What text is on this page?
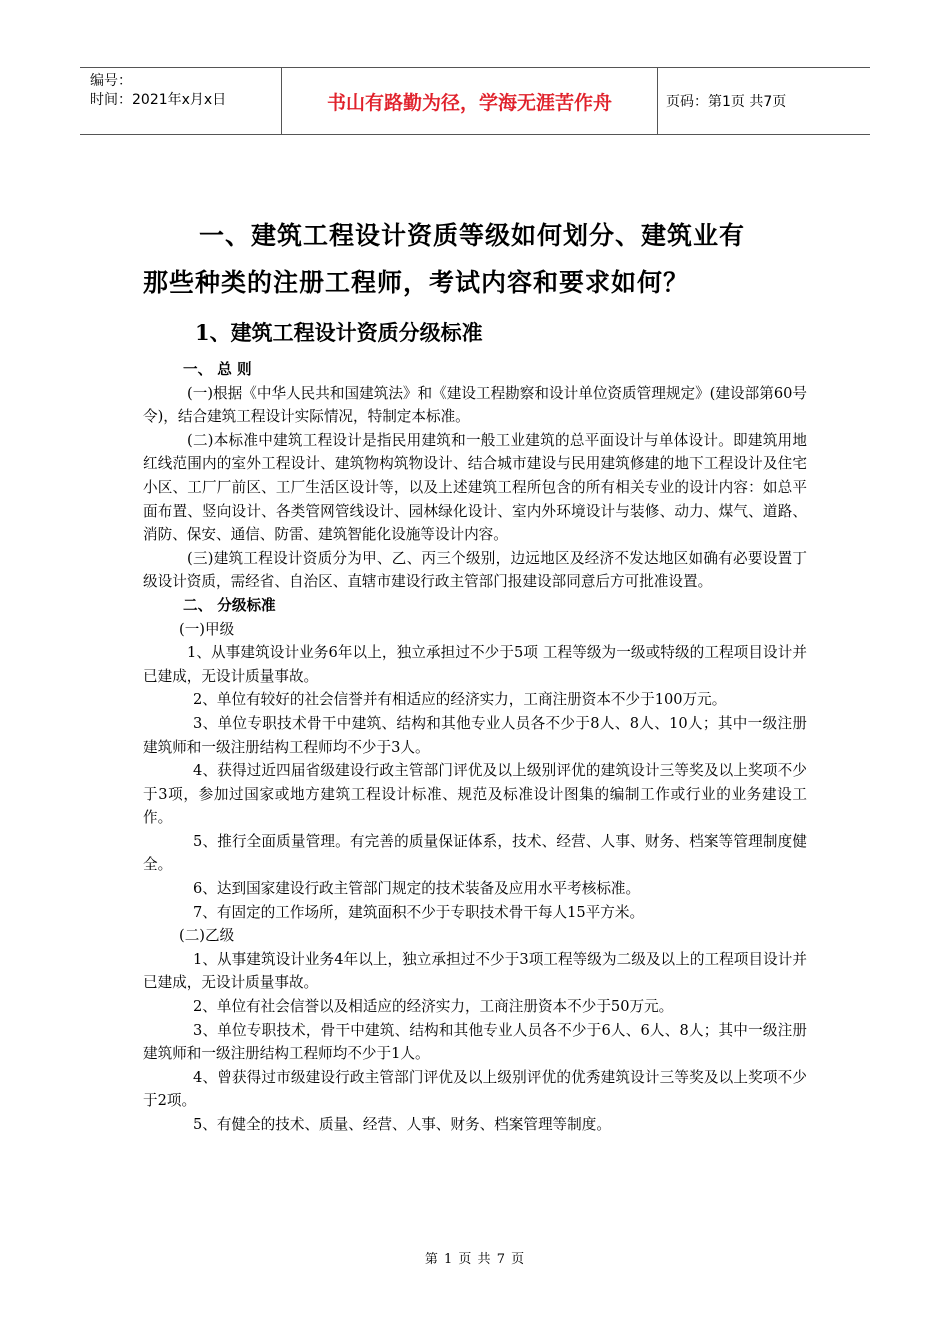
编号：
时间：2021年x月x日	书山有路勤为径，学海无涯苦作舟	页码：第1页 共7页
一、建筑工程设计资质等级如何划分、建筑业有
那些种类的注册工程师，考试内容和要求如何？
1、建筑工程设计资质分级标准

一、 总 则

(一)根据《中华人民共和国建筑法》和《建设工程勘察和设计单位资质管理规定》(建设部第60号令)，结合建筑工程设计实际情况，特制定本标准。

(二)本标准中建筑工程设计是指民用建筑和一般工业建筑的总平面设计与单体设计。即建筑用地红线范围内的室外工程设计、建筑物构筑物设计、结合城市建设与民用建筑修建的地下工程设计及住宅小区、工厂厂前区、工厂生活区设计等，以及上述建筑工程所包含的所有相关专业的设计内容：如总平面布置、竖向设计、各类管网管线设计、园林绿化设计、室内外环境设计与装修、动力、煤气、道路、消防、保安、通信、防雷、建筑智能化设施等设计内容。

(三)建筑工程设计资质分为甲、乙、丙三个级别，边远地区及经济不发达地区如确有必要设置丁级设计资质，需经省、自治区、直辖市建设行政主管部门报建设部同意后方可批准设置。

二、 分级标准

(一)甲级

1、从事建筑设计业务6年以上，独立承担过不少于5项 工程等级为一级或特级的工程项目设计并已建成，无设计质量事故。

2、单位有较好的社会信誉并有相适应的经济实力，工商注册资本不少于100万元。

3、单位专职技术骨干中建筑、结构和其他专业人员各不少于8人、8人、10人；其中一级注册建筑师和一级注册结构工程师均不少于3人。

4、获得过近四届省级建设行政主管部门评优及以上级别评优的建筑设计三等奖及以上奖项不少于3项，参加过国家或地方建筑工程设计标准、规范及标准设计图集的编制工作或行业的业务建设工作。

5、推行全面质量管理。有完善的质量保证体系，技术、经营、人事、财务、档案等管理制度健全。

6、达到国家建设行政主管部门规定的技术装备及应用水平考核标准。

7、有固定的工作场所，建筑面积不少于专职技术骨干每人15平方米。

(二)乙级

1、从事建筑设计业务4年以上，独立承担过不少于3项工程等级为二级及以上的工程项目设计并已建成，无设计质量事故。

2、单位有社会信誉以及相适应的经济实力，工商注册资本不少于50万元。

3、单位专职技术，骨干中建筑、结构和其他专业人员各不少于6人、6人、8人；其中一级注册建筑师和一级注册结构工程师均不少于1人。

4、曾获得过市级建设行政主管部门评优及以上级别评优的优秀建筑设计三等奖及以上奖项不少于2项。

5、有健全的技术、质量、经营、人事、财务、档案管理等制度。

第 1 页 共 7 页
